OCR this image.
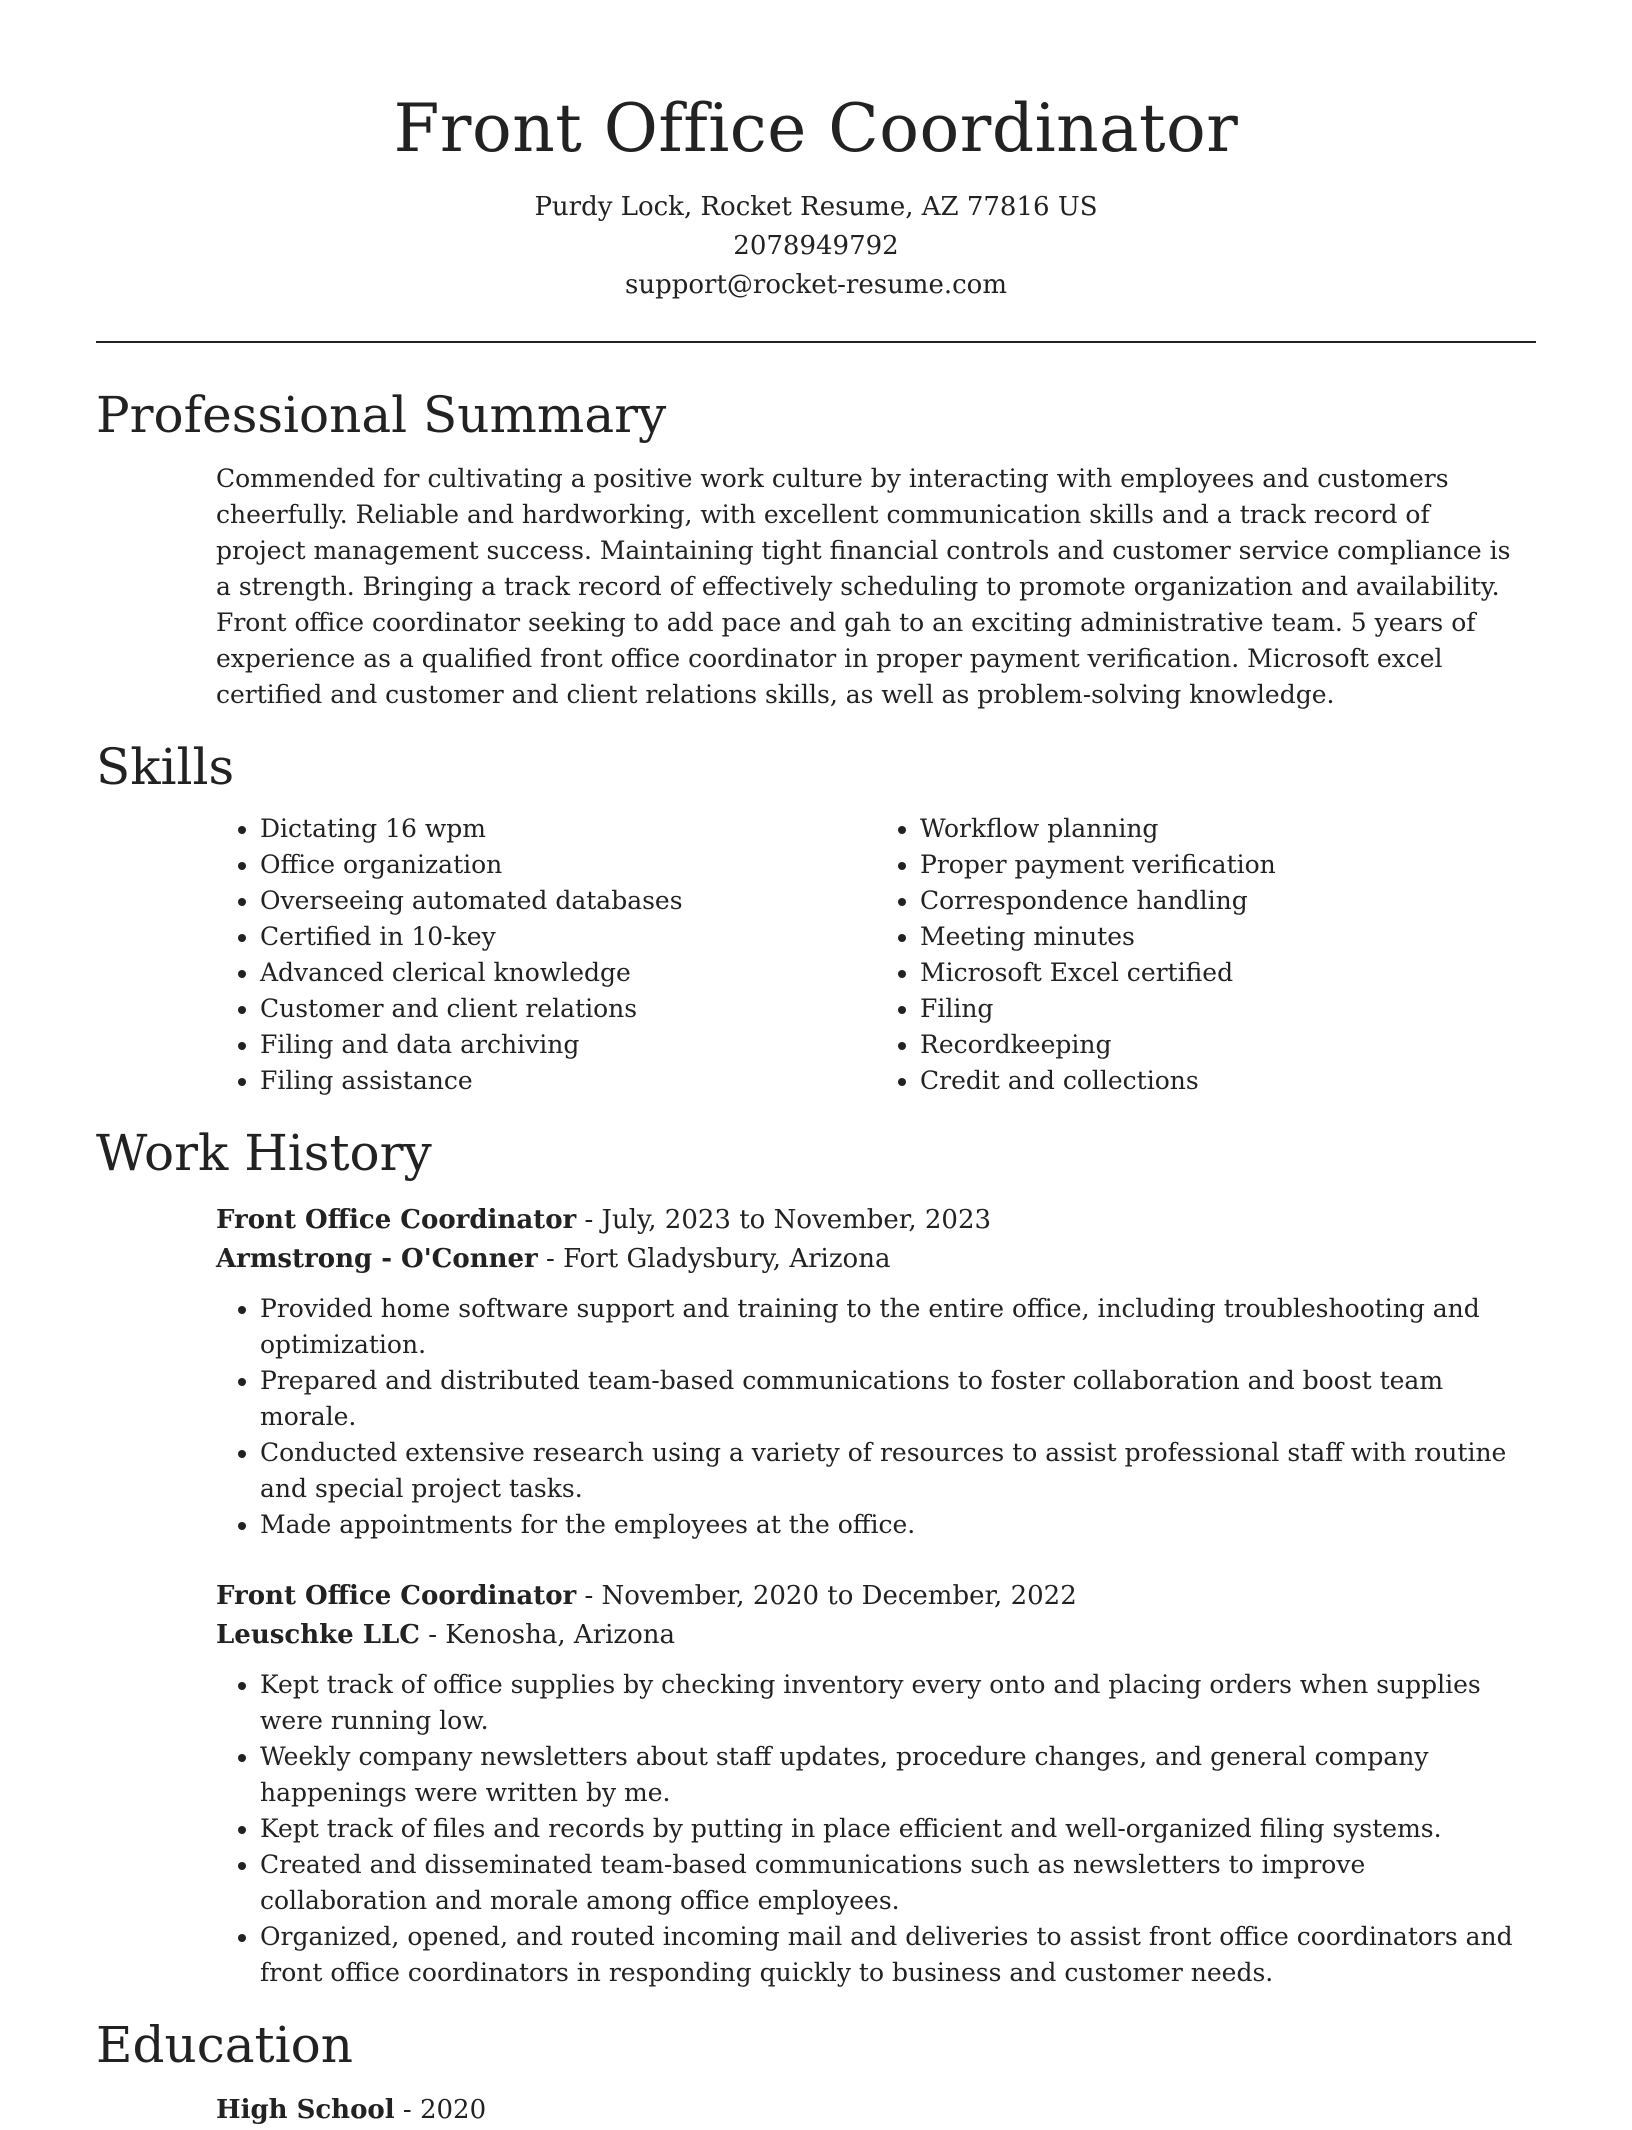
Front Office Coordinator
Purdy Lock, Rocket Resume, AZ 77816 US
2078949792
support@rocket-resume.com
Professional Summary

Commended for cultivating a positive work culture by interacting with employees and customers cheerfully. Reliable and hardworking, with excellent communication skills and a track record of project management success. Maintaining tight financial controls and customer service compliance is a strength. Bringing a track record of effectively scheduling to promote organization and availability. Front office coordinator seeking to add pace and gah to an exciting administrative team. 5 years of experience as a qualified front office coordinator in proper payment verification. Microsoft excel certified and customer and client relations skills, as well as problem-solving knowledge.

Skills
• Dictating 16 wpm
• Office organization
• Overseeing automated databases
• Certified in 10-key
• Advanced clerical knowledge
• Customer and client relations
• Filing and data archiving
• Filing assistance
• Workflow planning
• Proper payment verification
• Correspondence handling
• Meeting minutes
• Microsoft Excel certified
• Filing
• Recordkeeping
• Credit and collections
Work History
Front Office Coordinator - July, 2023 to November, 2023
Armstrong - O'Conner - Fort Gladysbury, Arizona
• Provided home software support and training to the entire office, including troubleshooting and optimization.
• Prepared and distributed team-based communications to foster collaboration and boost team morale.
• Conducted extensive research using a variety of resources to assist professional staff with routine and special project tasks.
• Made appointments for the employees at the office.
Front Office Coordinator - November, 2020 to December, 2022
Leuschke LLC - Kenosha, Arizona
• Kept track of office supplies by checking inventory every onto and placing orders when supplies were running low.
• Weekly company newsletters about staff updates, procedure changes, and general company happenings were written by me.
• Kept track of files and records by putting in place efficient and well-organized filing systems.
• Created and disseminated team-based communications such as newsletters to improve collaboration and morale among office employees.
• Organized, opened, and routed incoming mail and deliveries to assist front office coordinators and front office coordinators in responding quickly to business and customer needs.
Education
High School - 2020
